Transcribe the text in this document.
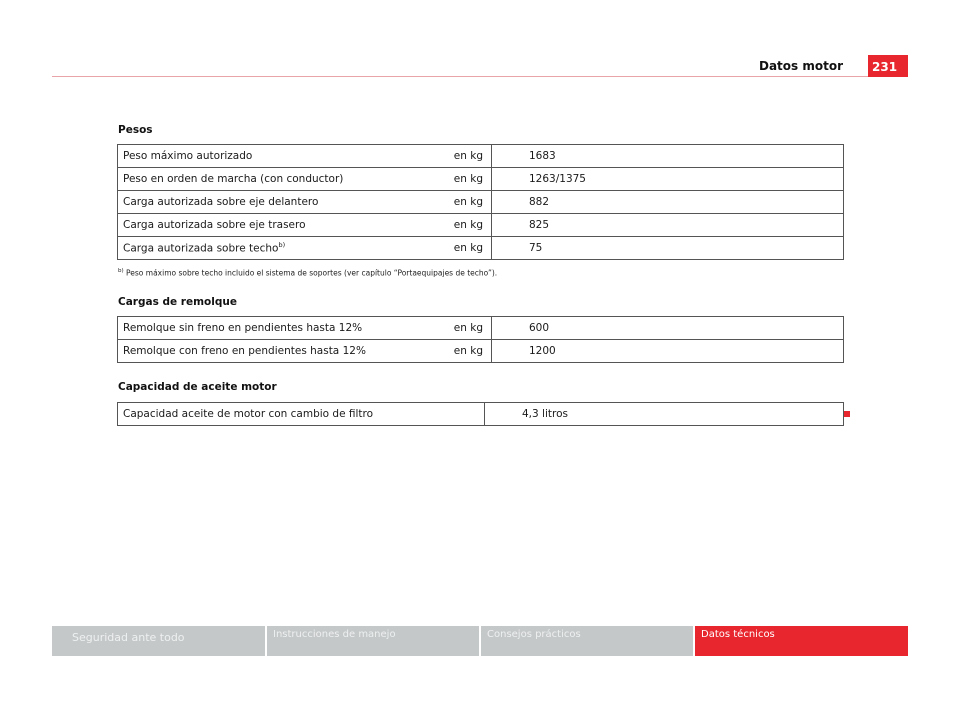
Datos motor	231
Pesos
Peso máximo autorizado	en kg	1683
Peso en orden de marcha (con conductor)	en kg	1263/1375
Carga autorizada sobre eje delantero	en kg	882
Carga autorizada sobre eje trasero	en kg	825
Carga autorizada sobre techo$^{b)}$	en kg	75
$^{b)}$ Peso máximo sobre techo incluido el sistema de soportes (ver capítulo “Portaequipajes de techo”).
Cargas de remolque
Remolque sin freno en pendientes hasta 12%	en kg	600
Remolque con freno en pendientes hasta 12%	en kg	1200
Capacidad de aceite motor
Capacidad aceite de motor con cambio de filtro	4,3 litros
Seguridad ante todo	Instrucciones de manejo	Consejos prácticos	Datos técnicos
